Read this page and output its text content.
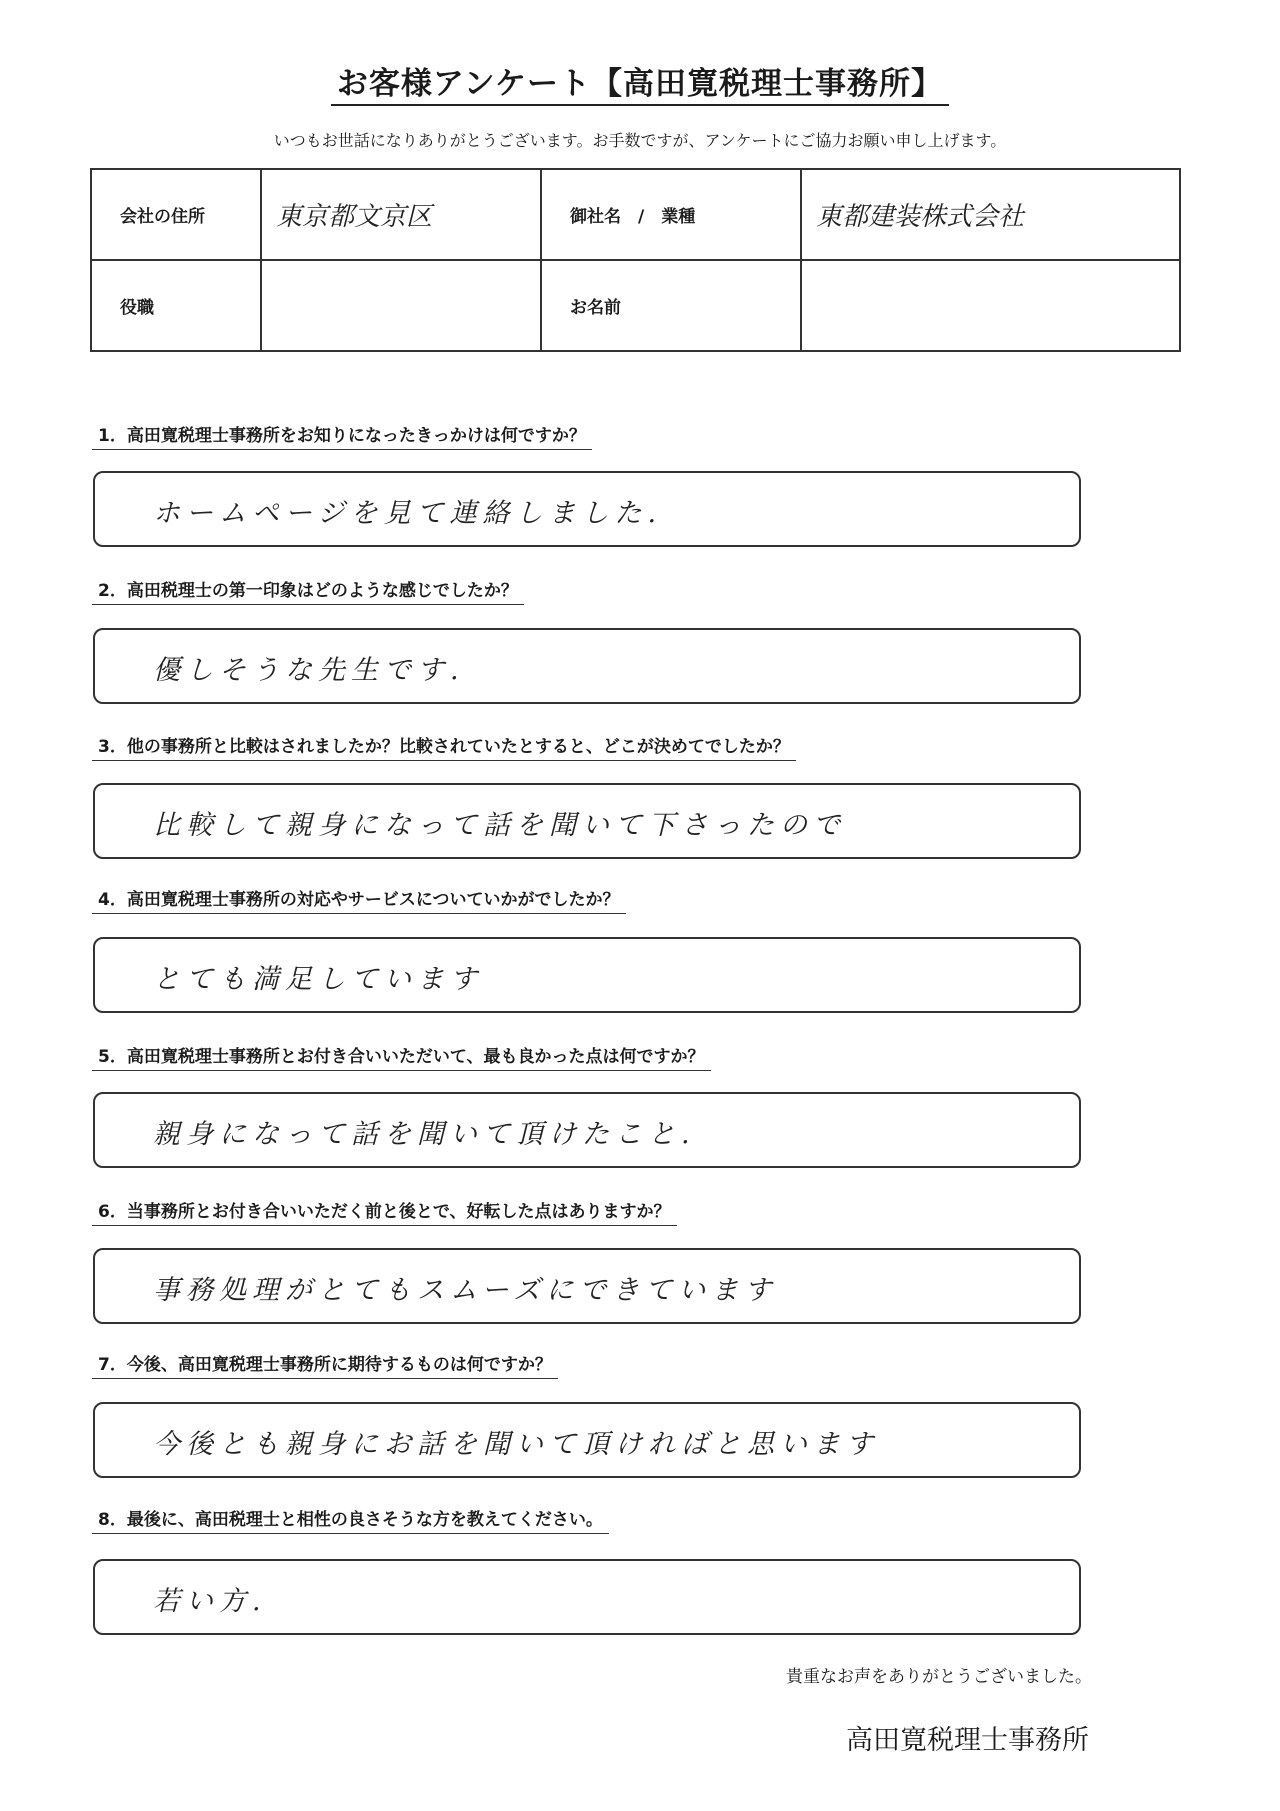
お客様アンケート【高田寛税理士事務所】
いつもお世話になりありがとうございます。お手数ですが、アンケートにご協力お願い申し上げます。
会社の住所	東京都文京区	御社名　/　業種	東都建装株式会社
役職		お名前	
1．高田寛税理士事務所をお知りになったきっかけは何ですか？
ホームページを見て連絡しました.
2．高田税理士の第一印象はどのような感じでしたか？
優しそうな先生です.
3．他の事務所と比較はされましたか？比較されていたとすると、どこが決めてでしたか？
比較して親身になって話を聞いて下さったので
4．高田寛税理士事務所の対応やサービスについていかがでしたか？
とても満足しています
5．高田寛税理士事務所とお付き合いいただいて、最も良かった点は何ですか？
親身になって話を聞いて頂けたこと.
6．当事務所とお付き合いいただく前と後とで、好転した点はありますか？
事務処理がとてもスムーズにできています
7．今後、高田寛税理士事務所に期待するものは何ですか？
今後とも親身にお話を聞いて頂ければと思います
8．最後に、高田税理士と相性の良さそうな方を教えてください。
若い方.
貴重なお声をありがとうございました。
高田寛税理士事務所
